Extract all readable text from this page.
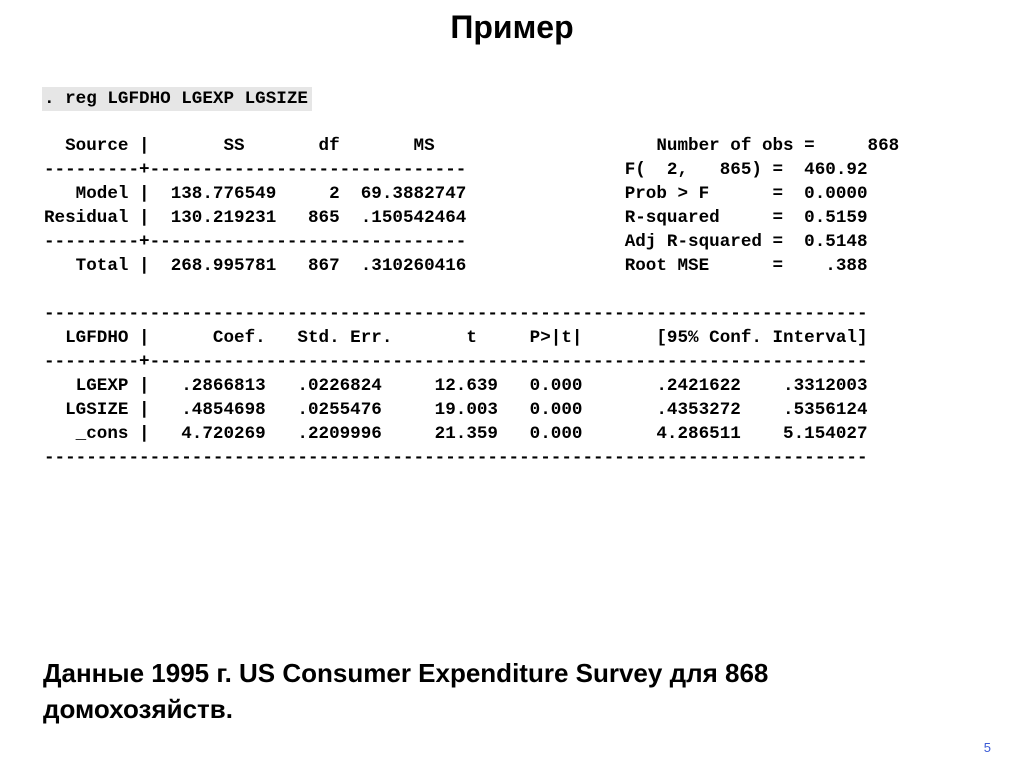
Пример
. reg LGFDHO LGEXP LGSIZE
Source |       SS       df       MS                     Number of obs =     868
---------+------------------------------               F(  2,   865) =  460.92
Model |  138.776549     2  69.3882747               Prob > F      =  0.0000
Residual |  130.219231   865  .150542464               R-squared     =  0.5159
---------+------------------------------               Adj R-squared =  0.5148
Total |  268.995781   867  .310260416               Root MSE      =    .388
------------------------------------------------------------------------------
LGFDHO |      Coef.   Std. Err.       t     P>|t|       [95% Conf. Interval]
---------+--------------------------------------------------------------------
LGEXP |   .2866813   .0226824     12.639   0.000       .2421622    .3312003
LGSIZE |   .4854698   .0255476     19.003   0.000       .4353272    .5356124
_cons |   4.720269   .2209996     21.359   0.000       4.286511    5.154027
------------------------------------------------------------------------------
Данные 1995 г. US Consumer Expenditure Survey для 868 домохозяйств.
5
